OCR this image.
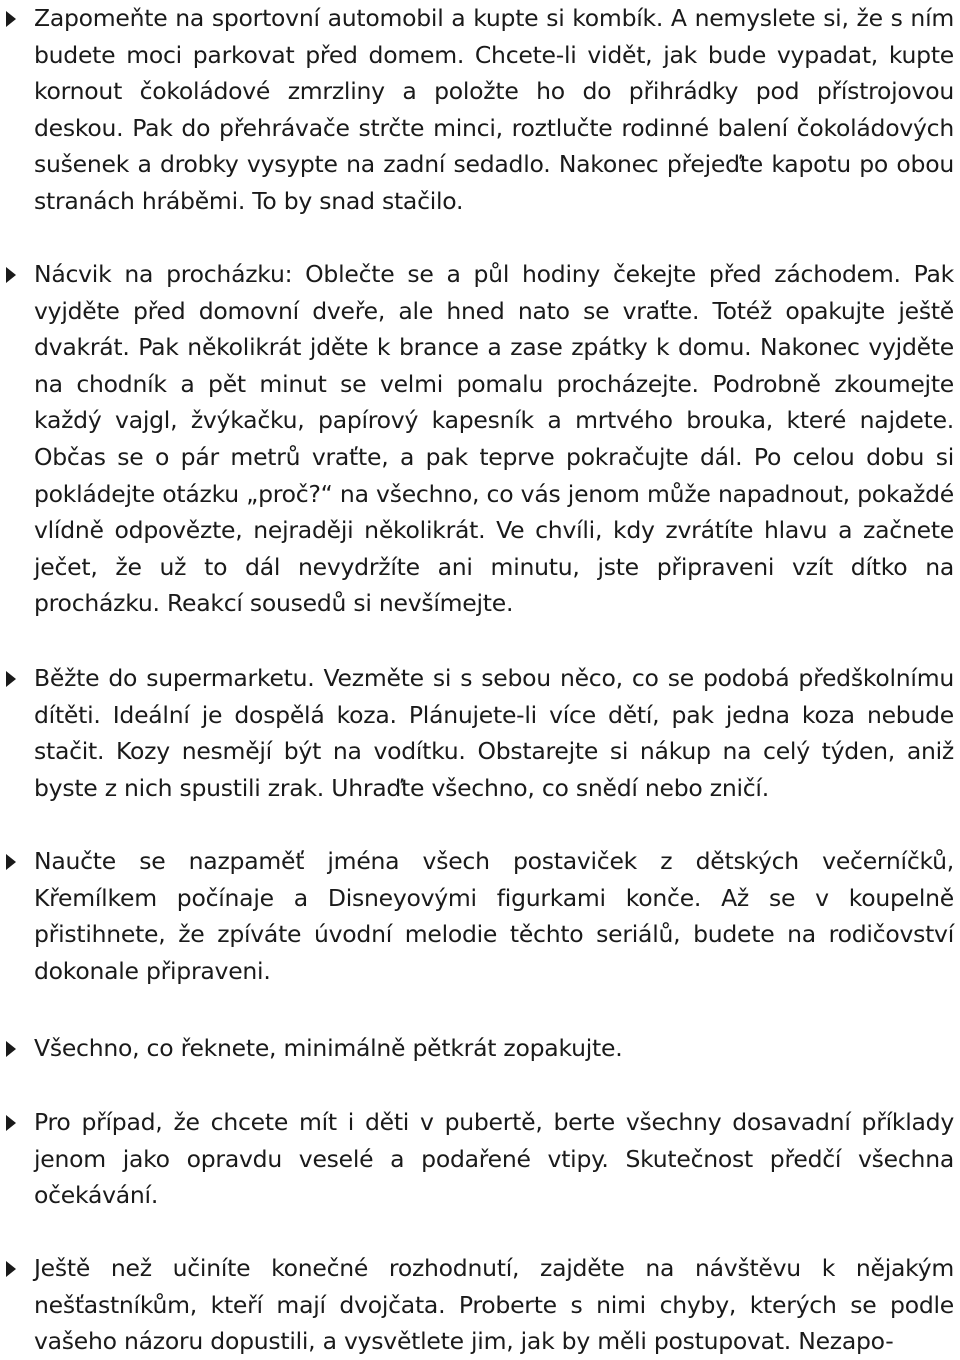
Zapomeňte na sportovní automobil a kupte si kombík. A nemyslete si, že s ním budete moci parkovat před domem. Chcete-li vidět, jak bude vypadat, kupte kornout čokoládové zmrzliny a položte ho do přihrádky pod přístrojovou deskou. Pak do přehrávače strčte minci, roztlučte rodinné balení čokoládových sušenek a drobky vysypte na zadní sedadlo. Nakonec přejeďte kapotu po obou stranách hráběmi. To by snad stačilo.

Nácvik na procházku: Oblečte se a půl hodiny čekejte před záchodem. Pak vyjděte před domovní dveře, ale hned nato se vraťte. Totéž opakujte ještě dvakrát. Pak několikrát jděte k brance a zase zpátky k domu. Nakonec vyjděte na chodník a pět minut se velmi pomalu procházejte. Podrobně zkoumejte každý vajgl, žvýkačku, papírový kapesník a mrtvého brouka, které najdete. Občas se o pár metrů vraťte, a pak teprve pokračujte dál. Po celou dobu si pokládejte otázku „proč?“ na všechno, co vás jenom může napadnout, pokaždé vlídně odpovězte, nejraději několikrát. Ve chvíli, kdy zvrátíte hlavu a začnete ječet, že už to dál nevydržíte ani minutu, jste připraveni vzít dítko na procházku. Reakcí sousedů si nevšímejte.

Běžte do supermarketu. Vezměte si s sebou něco, co se podobá předškolnímu dítěti. Ideální je dospělá koza. Plánujete-li více dětí, pak jedna koza nebude stačit. Kozy nesmějí být na vodítku. Obstarejte si nákup na celý týden, aniž byste z nich spustili zrak. Uhraďte všechno, co snědí nebo zničí.

Naučte se nazpaměť jména všech postaviček z dětských večerníčků, Křemílkem počínaje a Disneyovými figurkami konče. Až se v koupelně přistihnete, že zpíváte úvodní melodie těchto seriálů, budete na rodičovství dokonale připraveni.

Všechno, co řeknete, minimálně pětkrát zopakujte.

Pro případ, že chcete mít i děti v pubertě, berte všechny dosavadní příklady jenom jako opravdu veselé a podařené vtipy. Skutečnost předčí všechna očekávání.

Ještě než učiníte konečné rozhodnutí, zajděte na návštěvu k nějakým nešťastníkům, kteří mají dvojčata. Proberte s nimi chyby, kterých se podle vašeho názoru dopustili, a vysvětlete jim, jak by měli postupovat. Nezapo-
